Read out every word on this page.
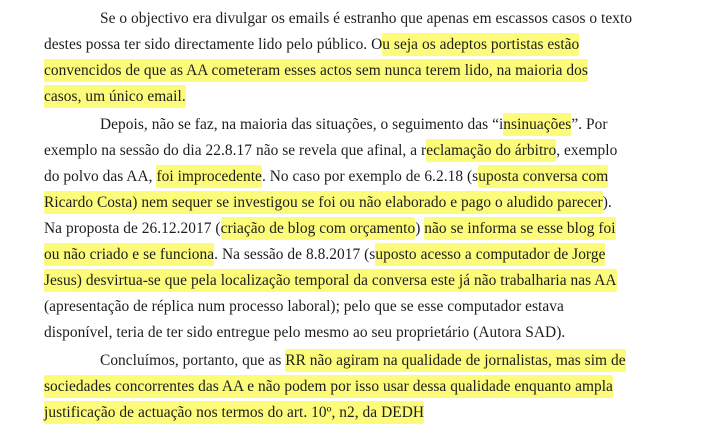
Se o objectivo era divulgar os emails é estranho que apenas em escassos casos o texto

destes possa ter sido directamente lido pelo público. Ou seja os adeptos portistas estão

convencidos de que as AA cometeram esses actos sem nunca terem lido, na maioria dos

casos, um único email.

Depois, não se faz, na maioria das situações, o seguimento das “insinuações”. Por

exemplo na sessão do dia 22.8.17 não se revela que afinal, a reclamação do árbitro, exemplo

do polvo das AA, foi improcedente. No caso por exemplo de 6.2.18 (suposta conversa com

Ricardo Costa) nem sequer se investigou se foi ou não elaborado e pago o aludido parecer).

Na proposta de 26.12.2017 (criação de blog com orçamento) não se informa se esse blog foi

ou não criado e se funciona. Na sessão de 8.8.2017 (suposto acesso a computador de Jorge

Jesus) desvirtua-se que pela localização temporal da conversa este já não trabalharia nas AA

(apresentação de réplica num processo laboral); pelo que se esse computador estava

disponível, teria de ter sido entregue pelo mesmo ao seu proprietário (Autora SAD).

Concluímos, portanto, que as RR não agiram na qualidade de jornalistas, mas sim de

sociedades concorrentes das AA e não podem por isso usar dessa qualidade enquanto ampla

justificação de actuação nos termos do art. 10º, n2, da DEDH
